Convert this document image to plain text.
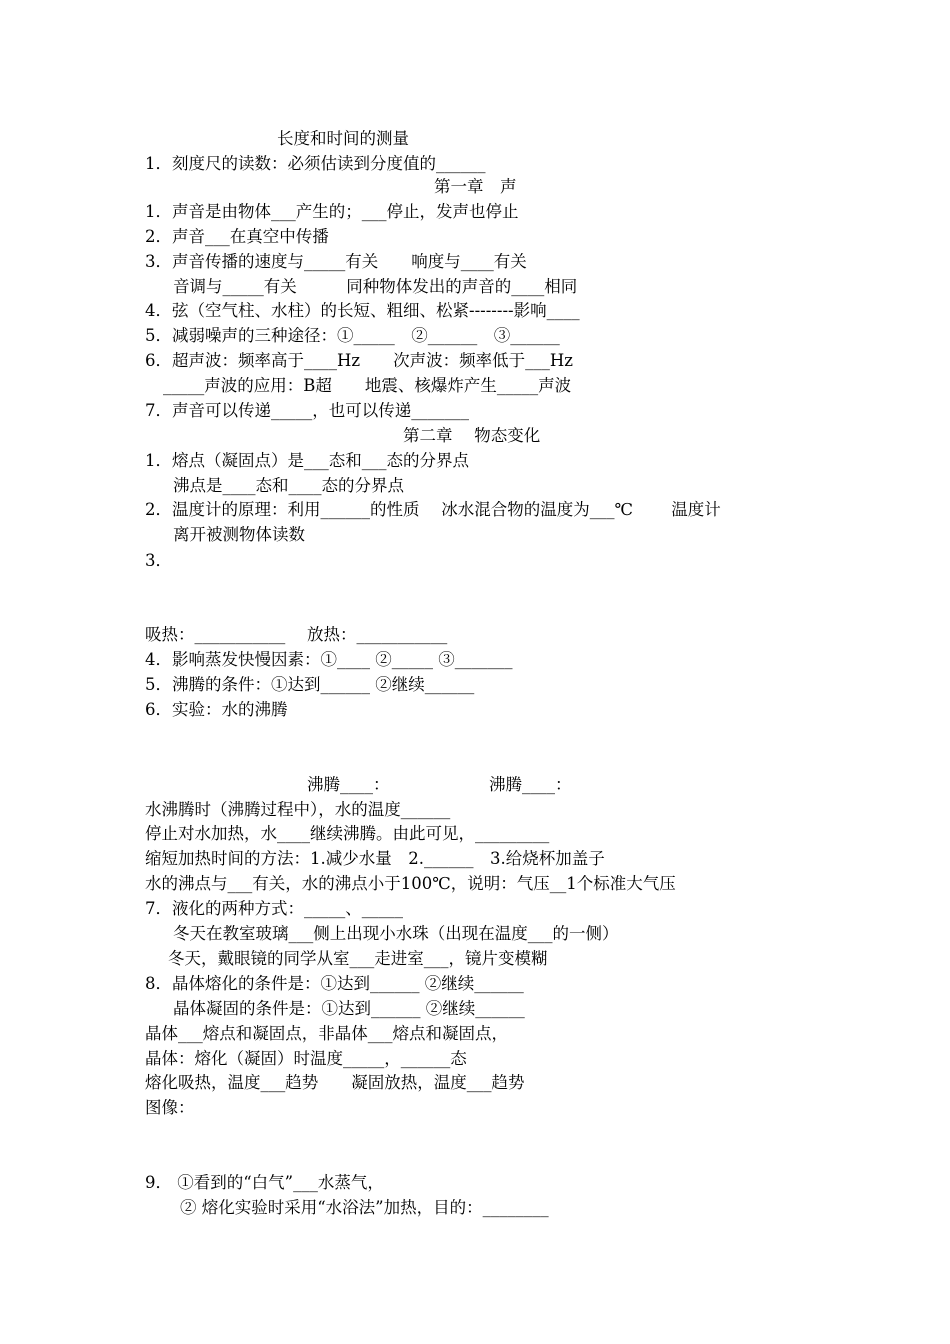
长度和时间的测量
1．刻度尺的读数：必须估读到分度值的______
第一章　声
1．声音是由物体___产生的；___停止，发声也停止
2．声音___在真空中传播
3．声音传播的速度与_____有关　　响度与____有关
音调与_____有关　　　同种物体发出的声音的____相同
4．弦（空气柱、水柱）的长短、粗细、松紧--------影响____
5．减弱噪声的三种途径：①_____　②______　③______
6．超声波：频率高于____Hz　　次声波：频率低于___Hz
_____声波的应用：B超　　地震、核爆炸产生_____声波
7．声音可以传递_____，也可以传递_______
第二章　 物态变化
1．熔点（凝固点）是___态和___态的分界点
沸点是____态和____态的分界点
2．温度计的原理：利用______的性质　 冰水混合物的温度为___℃　　 温度计
离开被测物体读数
3．
吸热：___________　 放热：___________
4．影响蒸发快慢因素：①____ ②_____ ③_______
5．沸腾的条件：①达到______ ②继续______
6．实验：水的沸腾
沸腾____：	沸腾____：
水沸腾时（沸腾过程中），水的温度______
停止对水加热，水____继续沸腾。由此可见，_________
缩短加热时间的方法：1.减少水量　2.______　3.给烧杯加盖子
水的沸点与___有关，水的沸点小于100℃，说明：气压__1个标准大气压
7．液化的两种方式：_____、_____
冬天在教室玻璃___侧上出现小水珠（出现在温度___的一侧）
冬天，戴眼镜的同学从室___走进室___，镜片变模糊
8．晶体熔化的条件是：①达到______ ②继续______
晶体凝固的条件是：①达到______ ②继续______
晶体___熔点和凝固点，非晶体___熔点和凝固点，
晶体：熔化（凝固）时温度_____，______态
熔化吸热，温度___趋势　　凝固放热，温度___趋势
图像：
9． ①看到的“白气”___水蒸气，
② 熔化实验时采用“水浴法”加热，目的：________
